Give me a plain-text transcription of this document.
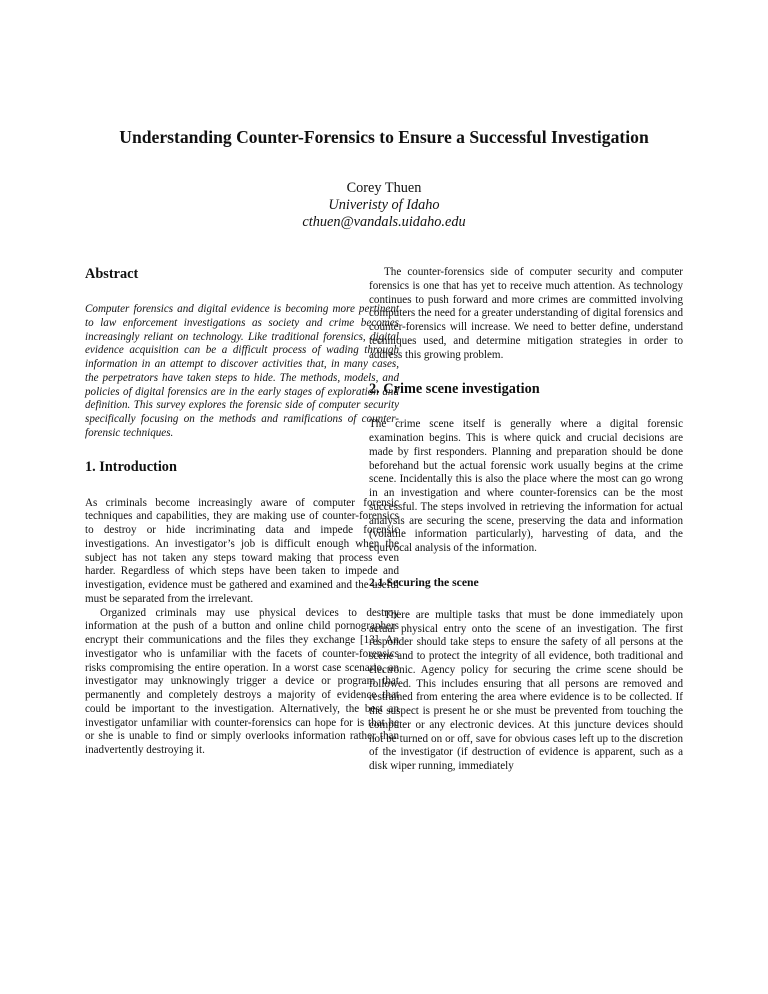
Understanding Counter-Forensics to Ensure a Successful Investigation
Corey Thuen
Univeristy of Idaho
cthuen@vandals.uidaho.edu
Abstract

Computer forensics and digital evidence is becoming more pertinent to law enforcement investigations as society and crime becomes increasingly reliant on technology. Like traditional forensics, digital evidence acquisition can be a difficult process of wading through information in an attempt to discover activities that, in many cases, the perpetrators have taken steps to hide. The methods, models, and policies of digital forensics are in the early stages of exploration and definition. This survey explores the forensic side of computer security specifically focusing on the methods and ramifications of counter-forensic techniques.

1. Introduction

As criminals become increasingly aware of computer forensic techniques and capabilities, they are making use of counter-forensics to destroy or hide incriminating data and impede forensic investigations. An investigator’s job is difficult enough when the subject has not taken any steps toward making that process even harder. Regardless of which steps have been taken to impede and investigation, evidence must be gathered and examined and the useful must be separated from the irrelevant.

Organized criminals may use physical devices to destroy information at the push of a button and online child pornographers encrypt their communications and the files they exchange [13]. An investigator who is unfamiliar with the facets of counter-forensics risks compromising the entire operation. In a worst case scenario, an investigator may unknowingly trigger a device or program that permanently and completely destroys a majority of evidence that could be important to the investigation. Alternatively, the best an investigator unfamiliar with counter-forensics can hope for is that he or she is unable to find or simply overlooks information rather than inadvertently destroying it.

The counter-forensics side of computer security and computer forensics is one that has yet to receive much attention. As technology continues to push forward and more crimes are committed involving computers the need for a greater understanding of digital forensics and counter-forensics will increase. We need to better define, understand techniques used, and determine mitigation strategies in order to address this growing problem.

2. Crime scene investigation

The crime scene itself is generally where a digital forensic examination begins. This is where quick and crucial decisions are made by first responders. Planning and preparation should be done beforehand but the actual forensic work usually begins at the crime scene. Incidentally this is also the place where the most can go wrong in an investigation and where counter-forensics can be the most successful. The steps involved in retrieving the information for actual analysis are securing the scene, preserving the data and information (volatile information particularly), harvesting of data, and the equivocal analysis of the information.

2.1 Securing the scene

There are multiple tasks that must be done immediately upon actual physical entry onto the scene of an investigation. The first responder should take steps to ensure the safety of all persons at the scene and to protect the integrity of all evidence, both traditional and electronic. Agency policy for securing the crime scene should be followed. This includes ensuring that all persons are removed and restrained from entering the area where evidence is to be collected. If the suspect is present he or she must be prevented from touching the computer or any electronic devices. At this juncture devices should not be turned on or off, save for obvious cases left up to the discretion of the investigator (if destruction of evidence is apparent, such as a disk wiper running, immediately
